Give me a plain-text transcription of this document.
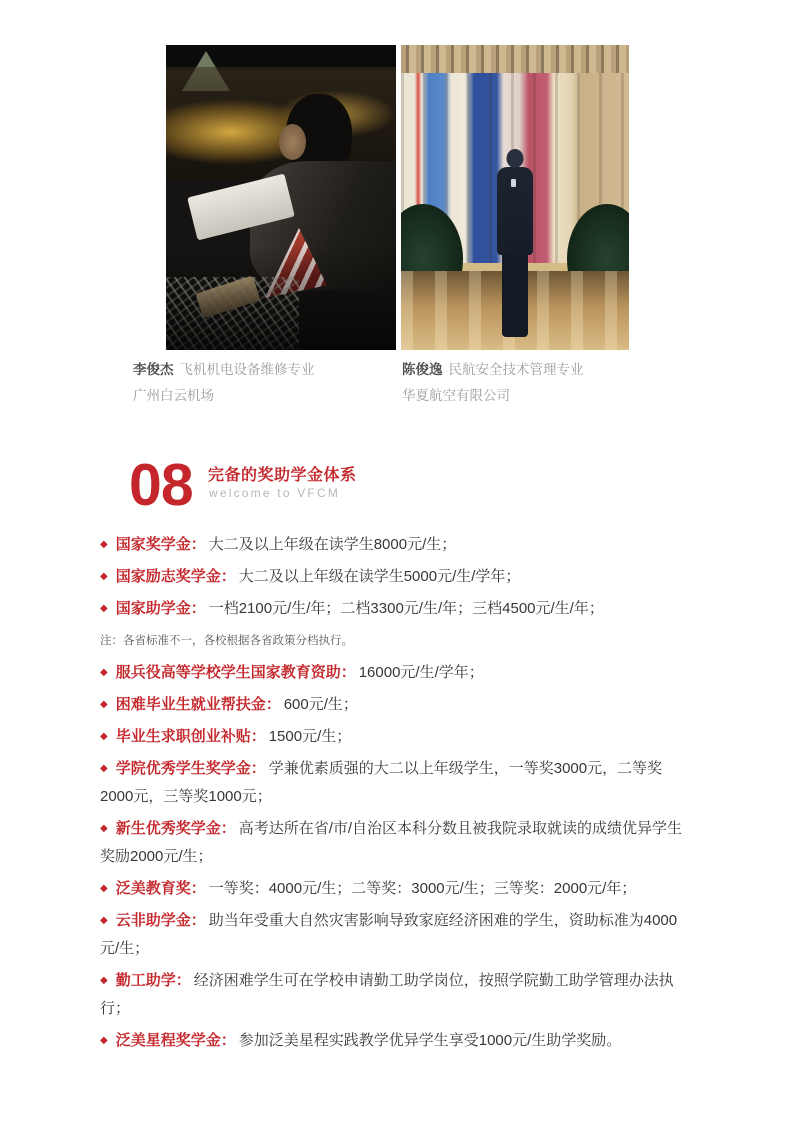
李俊杰 飞机机电设备维修专业
广州白云机场
陈俊逸 民航安全技术管理专业
华夏航空有限公司
08 完备的奖助学金体系
welcome to VFCM

◆ 国家奖学金： 大二及以上年级在读学生8000元/生；

◆ 国家励志奖学金： 大二及以上年级在读学生5000元/生/学年；

◆ 国家助学金： 一档2100元/生/年；二档3300元/生/年；三档4500元/生/年；

注：各省标准不一，各校根据各省政策分档执行。

◆ 服兵役高等学校学生国家教育资助： 16000元/生/学年；

◆ 困难毕业生就业帮扶金： 600元/生；

◆ 毕业生求职创业补贴： 1500元/生；

◆ 学院优秀学生奖学金： 学兼优素质强的大二以上年级学生，一等奖3000元，二等奖2000元，三等奖1000元；

◆ 新生优秀奖学金： 高考达所在省/市/自治区本科分数且被我院录取就读的成绩优异学生奖励2000元/生；

◆ 泛美教育奖： 一等奖：4000元/生；二等奖：3000元/生；三等奖：2000元/年；

◆ 云非助学金： 助当年受重大自然灾害影响导致家庭经济困难的学生，资助标准为4000元/生；

◆ 勤工助学： 经济困难学生可在学校申请勤工助学岗位，按照学院勤工助学管理办法执行；

◆ 泛美星程奖学金： 参加泛美星程实践教学优异学生享受1000元/生助学奖励。
